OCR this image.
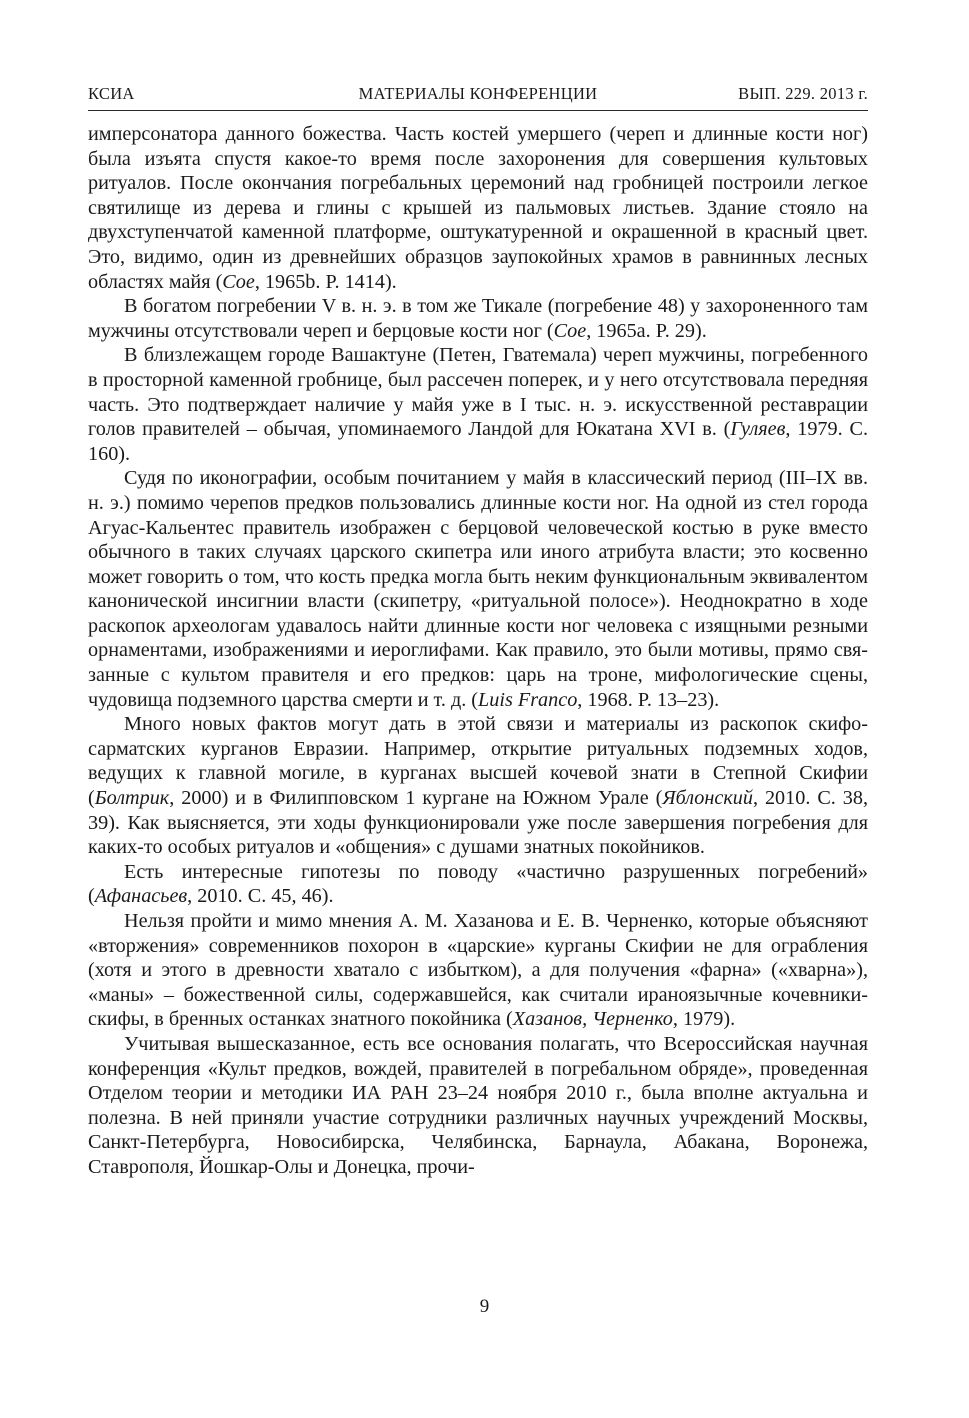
КСИА	МАТЕРИАЛЫ КОНФЕРЕНЦИИ	ВЫП. 229. 2013 г.

имперсонатора данного божества. Часть костей умершего (череп и длинные кости ног) была изъята спустя какое-то время после захоронения для совершения культовых ритуалов. После окончания погребальных церемоний над гробницей построили легкое святилище из дерева и глины с крышей из пальмовых листьев. Здание стояло на двухступенчатой каменной платформе, оштукатуренной и окрашенной в красный цвет. Это, видимо, один из древнейших образцов заупокойных храмов в равнинных лесных областях майя (Coe, 1965b. P. 1414).

В богатом погребении V в. н. э. в том же Тикале (погребение 48) у захороненного там мужчины отсутствовали череп и берцовые кости ног (Coe, 1965a. P. 29).

В близлежащем городе Вашактуне (Петен, Гватемала) череп мужчины, погребенного в просторной каменной гробнице, был рассечен поперек, и у него отсутствовала передняя часть. Это подтверждает наличие у майя уже в I тыс. н. э. искусственной реставрации голов правителей – обычая, упоминаемого Ландой для Юкатана XVI в. (Гуляев, 1979. С. 160).

Судя по иконографии, особым почитанием у майя в классический период (III–IX вв. н. э.) помимо черепов предков пользовались длинные кости ног. На одной из стел города Агуас-Кальентес правитель изображен с берцовой человеческой костью в руке вместо обычного в таких случаях царского скипетра или иного атрибута власти; это косвенно может говорить о том, что кость предка могла быть неким функциональным эквивалентом канонической инсигнии власти (скипетру, «ритуальной полосе»). Неоднократно в ходе раскопок археологам удавалось найти длинные кости ног человека с изящными резными орнаментами, изображениями и иероглифами. Как правило, это были мотивы, прямо связанные с культом правителя и его предков: царь на троне, мифологические сцены, чудовища подземного царства смерти и т. д. (Luis Franco, 1968. P. 13–23).

Много новых фактов могут дать в этой связи и материалы из раскопок скифо-сарматских курганов Евразии. Например, открытие ритуальных подземных ходов, ведущих к главной могиле, в курганах высшей кочевой знати в Степной Скифии (Болтрик, 2000) и в Филипповском 1 кургане на Южном Урале (Яблонский, 2010. С. 38, 39). Как выясняется, эти ходы функционировали уже после завершения погребения для каких-то особых ритуалов и «общения» с душами знатных покойников.

Есть интересные гипотезы по поводу «частично разрушенных погребений» (Афанасьев, 2010. С. 45, 46).

Нельзя пройти и мимо мнения А. М. Хазанова и Е. В. Черненко, которые объясняют «вторжения» современников похорон в «царские» курганы Скифии не для ограбления (хотя и этого в древности хватало с избытком), а для получения «фарна» («хварна»), «маны» – божественной силы, содержавшейся, как считали ираноязычные кочевники-скифы, в бренных останках знатного покойника (Хазанов, Черненко, 1979).

Учитывая вышесказанное, есть все основания полагать, что Всероссийская научная конференция «Культ предков, вождей, правителей в погребальном обряде», проведенная Отделом теории и методики ИА РАН 23–24 ноября 2010 г., была вполне актуальна и полезна. В ней приняли участие сотрудники различных научных учреждений Москвы, Санкт-Петербурга, Новосибирска, Челябинска, Барнаула, Абакана, Воронежа, Ставрополя, Йошкар-Олы и Донецка, прочи-

9
